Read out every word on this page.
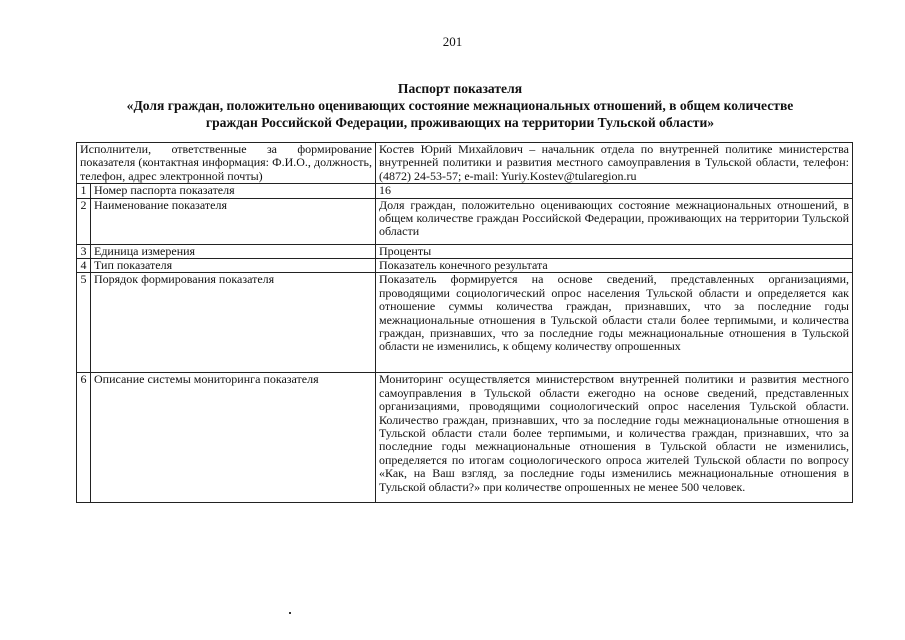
201
Паспорт показателя
«Доля граждан, положительно оценивающих состояние межнациональных отношений, в общем количестве
граждан Российской Федерации, проживающих на территории Тульской области»
Исполнители, ответственные за формирование показателя (контактная информация: Ф.И.О., должность, телефон, адрес электронной почты)		Костев Юрий Михайлович – начальник отдела по внутренней политике министерства внутренней политики и развития местного самоуправления в Тульской области, телефон: (4872) 24-53-57; e-mail: Yuriy.Kostev@tularegion.ru
1	Номер паспорта показателя	16
2	Наименование показателя	Доля граждан, положительно оценивающих состояние межнациональных отношений, в общем количестве граждан Российской Федерации, проживающих на территории Тульской области
3	Единица измерения	Проценты
4	Тип показателя	Показатель конечного результата
5	Порядок формирования показателя	Показатель формируется на основе сведений, представленных организациями, проводящими социологический опрос населения Тульской области и определяется как отношение суммы количества граждан, признавших, что за последние годы межнациональные отношения в Тульской области стали более терпимыми, и количества граждан, признавших, что за последние годы межнациональные отношения в Тульской области не изменились, к общему количеству опрошенных
6	Описание системы мониторинга показателя	Мониторинг осуществляется министерством внутренней политики и развития местного самоуправления в Тульской области ежегодно на основе сведений, представленных организациями, проводящими социологический опрос населения Тульской области. Количество граждан, признавших, что за последние годы межнациональные отношения в Тульской области стали более терпимыми, и количества граждан, признавших, что за последние годы межнациональные отношения в Тульской области не изменились, определяется по итогам социологического опроса жителей Тульской области по вопросу «Как, на Ваш взгляд, за последние годы изменились межнациональные отношения в Тульской области?» при количестве опрошенных не менее 500 человек.
